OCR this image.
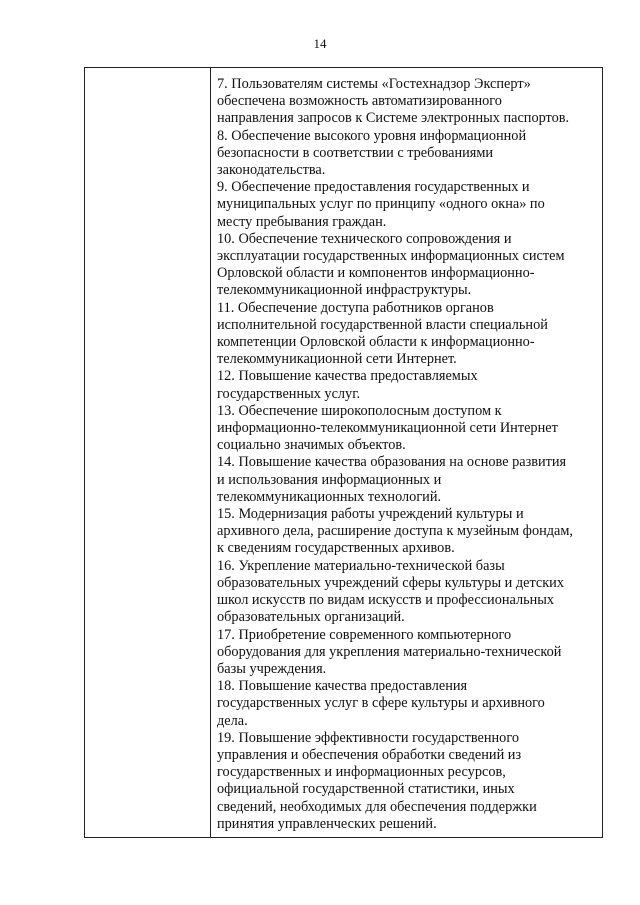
14
7. Пользователям системы «Гостехнадзор Эксперт»
обеспечена возможность автоматизированного
направления запросов к Системе электронных паспортов.
8. Обеспечение высокого уровня информационной
безопасности в соответствии с требованиями
законодательства.
9. Обеспечение предоставления государственных и
муниципальных услуг по принципу «одного окна» по
месту пребывания граждан.
10. Обеспечение технического сопровождения и
эксплуатации государственных информационных систем
Орловской области и компонентов информационно-
телекоммуникационной инфраструктуры.
11. Обеспечение доступа работников органов
исполнительной государственной власти специальной
компетенции Орловской области к информационно-
телекоммуникационной сети Интернет.
12. Повышение качества предоставляемых
государственных услуг.
13. Обеспечение широкополосным доступом к
информационно-телекоммуникационной сети Интернет
социально значимых объектов.
14. Повышение качества образования на основе развития
и использования информационных и
телекоммуникационных технологий.
15. Модернизация работы учреждений культуры и
архивного дела, расширение доступа к музейным фондам,
к сведениям государственных архивов.
16. Укрепление материально-технической базы
образовательных учреждений сферы культуры и детских
школ искусств по видам искусств и профессиональных
образовательных организаций.
17. Приобретение современного компьютерного
оборудования для укрепления материально-технической
базы учреждения.
18. Повышение качества предоставления
государственных услуг в сфере культуры и архивного
дела.
19. Повышение эффективности государственного
управления и обеспечения обработки сведений из
государственных и информационных ресурсов,
официальной государственной статистики, иных
сведений, необходимых для обеспечения поддержки
принятия управленческих решений.
